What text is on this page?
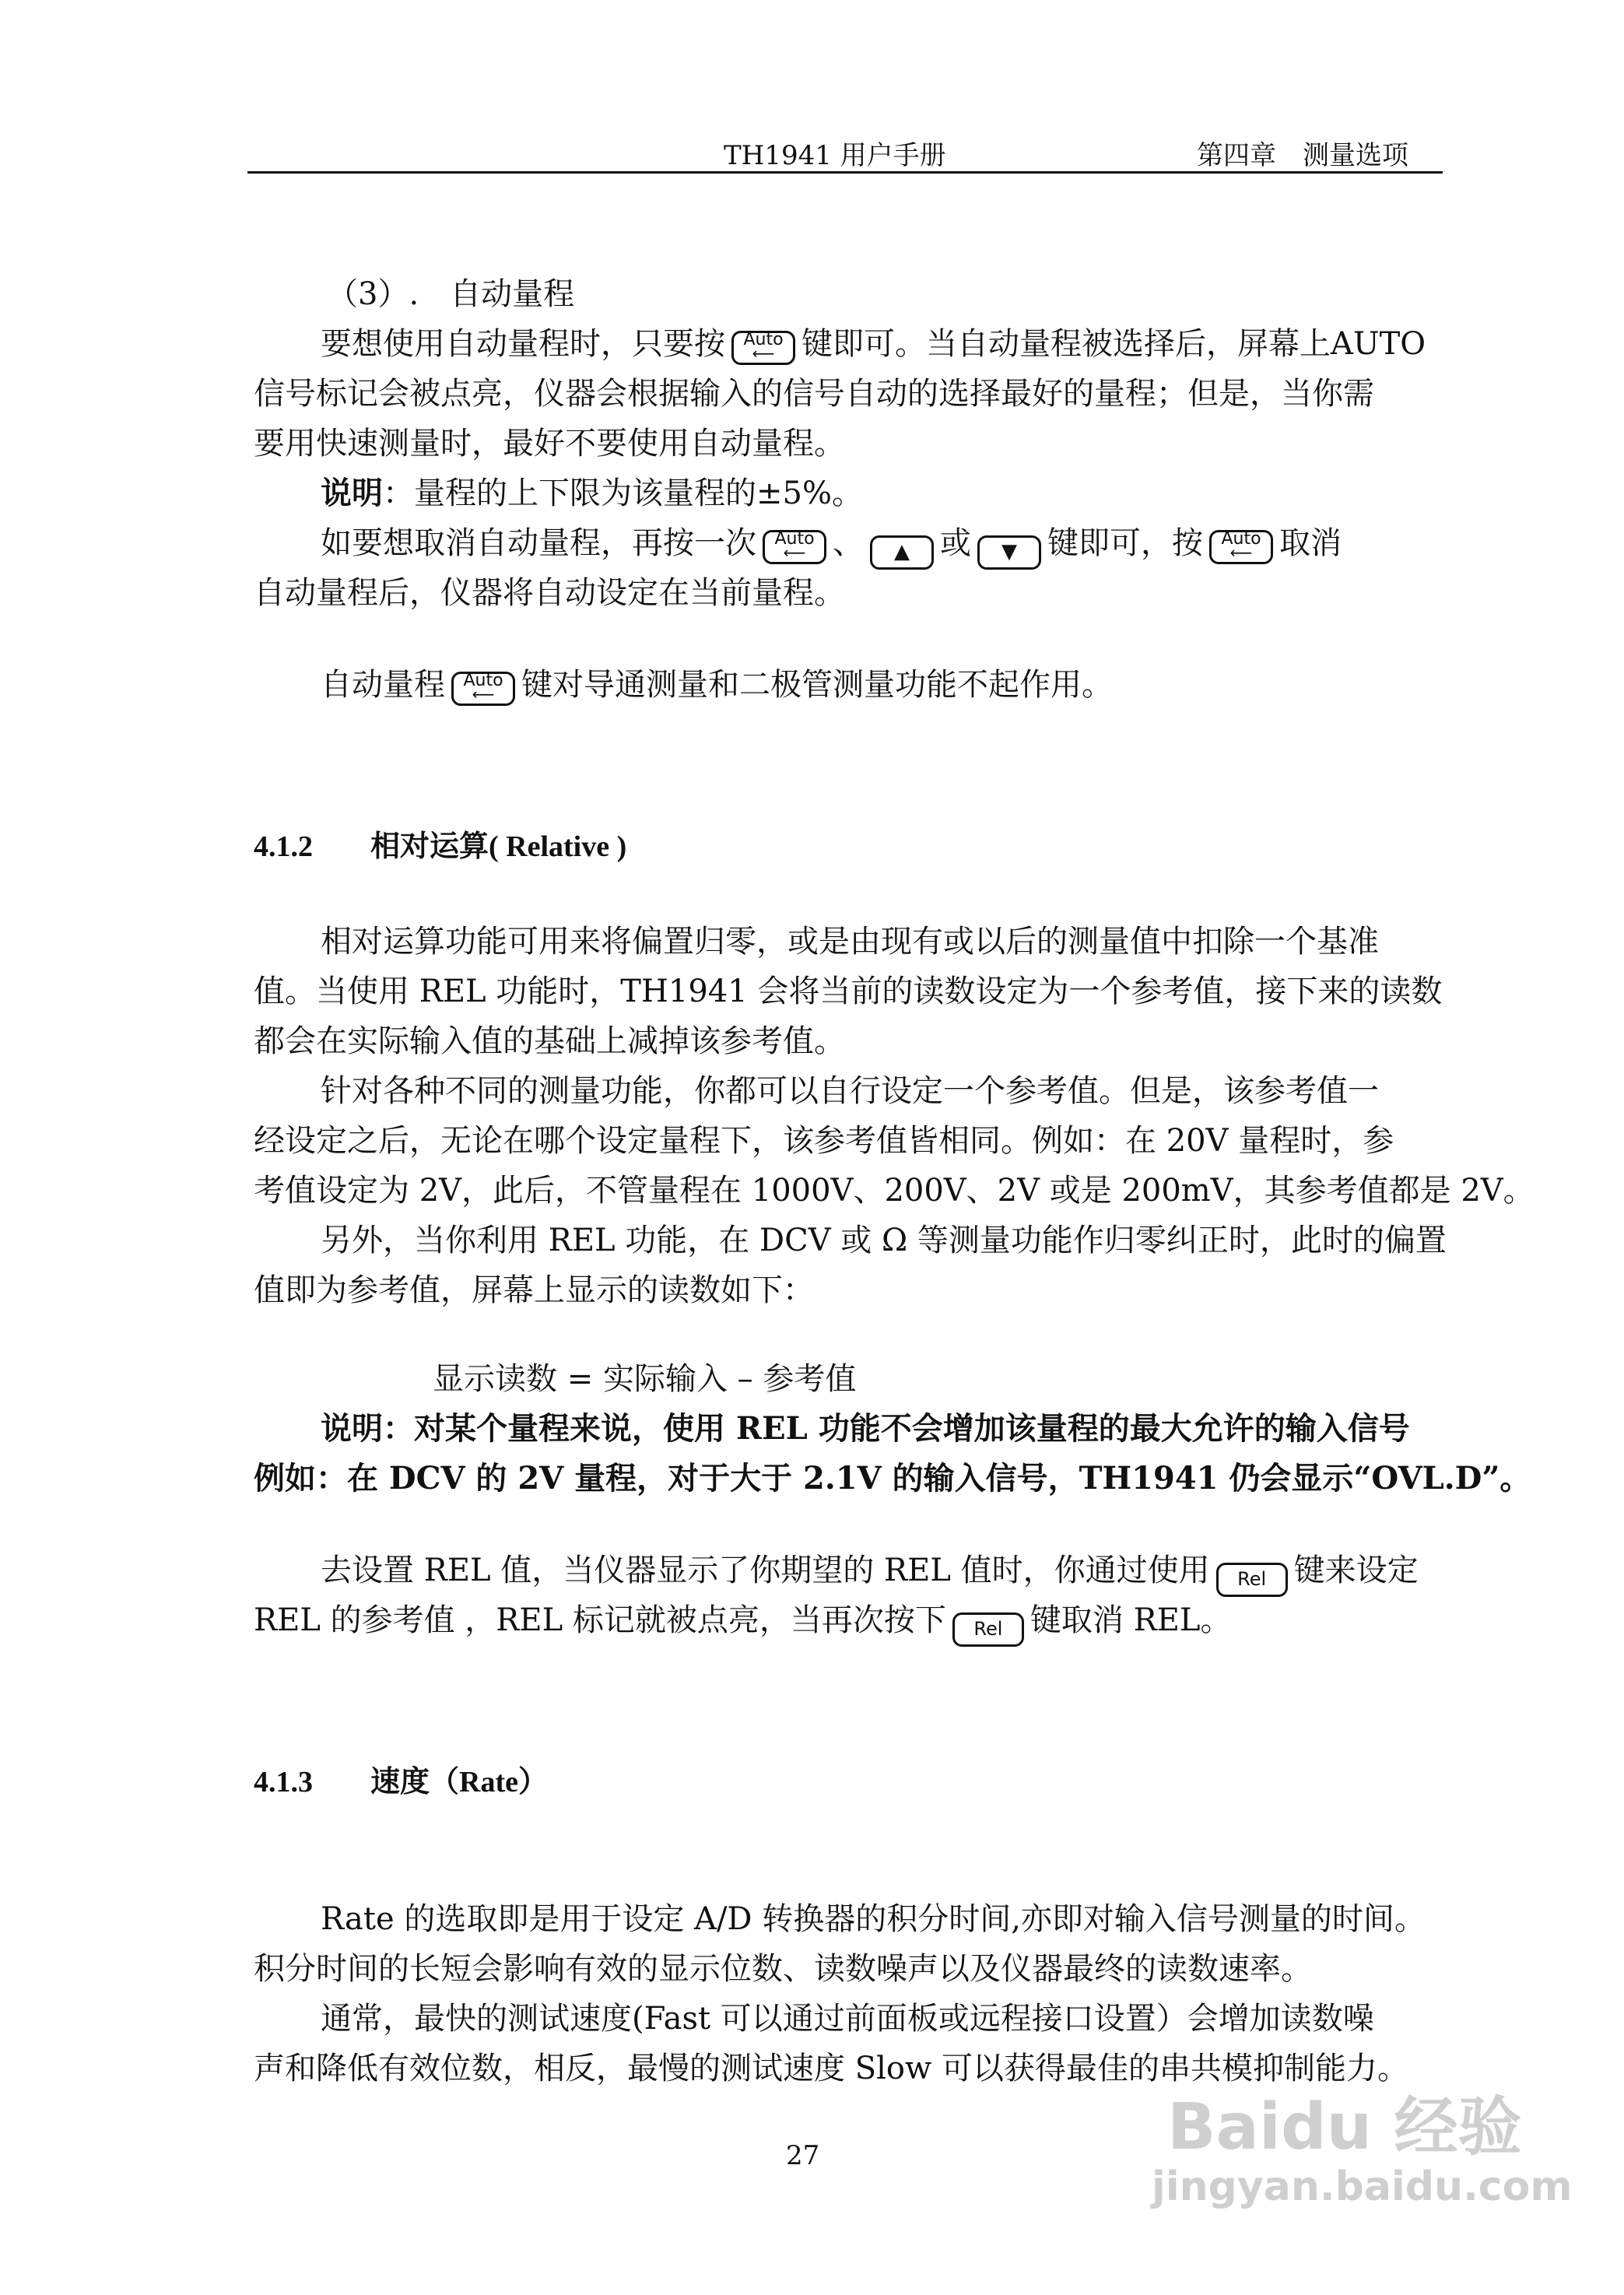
TH1941 用户手册	第四章　测量选项
（3）.　自动量程
要想使用自动量程时，只要按	Auto
⟵ 键即可。当自动量程被选择后，屏幕上AUTO
信号标记会被点亮，仪器会根据输入的信号自动的选择最好的量程；但是，当你需
要用快速测量时，最好不要使用自动量程。
说明：量程的上下限为该量程的±5%。
如要想取消自动量程，再按一次	Auto
⟵ 、 ▲ 或 ▼ 键即可，按	Auto
⟵ 取消
自动量程后，仪器将自动设定在当前量程。
自动量程	Auto
⟵ 键对导通测量和二极管测量功能不起作用。
4.1.2 相对运算( Relative )
相对运算功能可用来将偏置归零，或是由现有或以后的测量值中扣除一个基准
值。当使用 REL 功能时，TH1941 会将当前的读数设定为一个参考值，接下来的读数
都会在实际输入值的基础上减掉该参考值。
针对各种不同的测量功能，你都可以自行设定一个参考值。但是，该参考值一
经设定之后，无论在哪个设定量程下，该参考值皆相同。例如：在 20V 量程时，参
考值设定为 2V，此后，不管量程在 1000V、200V、2V 或是 200mV，其参考值都是 2V。
另外，当你利用 REL 功能，在 DCV 或 Ω 等测量功能作归零纠正时，此时的偏置
值即为参考值，屏幕上显示的读数如下：
显示读数 = 实际输入 – 参考值
说明：对某个量程来说，使用 REL 功能不会增加该量程的最大允许的输入信号
例如：在 DCV 的 2V 量程，对于大于 2.1V 的输入信号，TH1941 仍会显示“OVL.D”。
去设置 REL 值，当仪器显示了你期望的 REL 值时，你通过使用 Rel 键来设定
REL 的参考值 ，REL 标记就被点亮，当再次按下 Rel 键取消 REL。
4.1.3 速度（Rate）
Rate 的选取即是用于设定 A/D 转换器的积分时间,亦即对输入信号测量的时间。
积分时间的长短会影响有效的显示位数、读数噪声以及仪器最终的读数速率。
通常，最快的测试速度(Fast 可以通过前面板或远程接口设置）会增加读数噪
声和降低有效位数，相反，最慢的测试速度 Slow 可以获得最佳的串共模抑制能力。
27	Baidu 经验
jingyan.baidu.com
